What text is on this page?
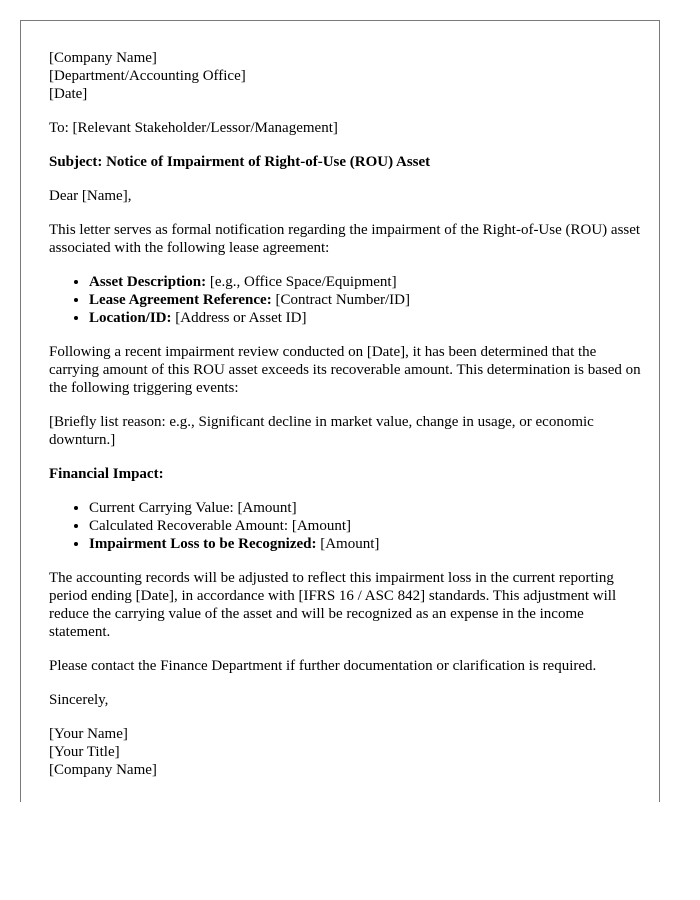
[Company Name]
[Department/Accounting Office]
[Date]

To: [Relevant Stakeholder/Lessor/Management]

Subject: Notice of Impairment of Right-of-Use (ROU) Asset

Dear [Name],

This letter serves as formal notification regarding the impairment of the Right-of-Use (ROU) asset associated with the following lease agreement:

• Asset Description: [e.g., Office Space/Equipment]
• Lease Agreement Reference: [Contract Number/ID]
• Location/ID: [Address or Asset ID]

Following a recent impairment review conducted on [Date], it has been determined that the carrying amount of this ROU asset exceeds its recoverable amount. This determination is based on the following triggering events:

[Briefly list reason: e.g., Significant decline in market value, change in usage, or economic downturn.]

Financial Impact:

• Current Carrying Value: [Amount]
• Calculated Recoverable Amount: [Amount]
• Impairment Loss to be Recognized: [Amount]

The accounting records will be adjusted to reflect this impairment loss in the current reporting period ending [Date], in accordance with [IFRS 16 / ASC 842] standards. This adjustment will reduce the carrying value of the asset and will be recognized as an expense in the income statement.

Please contact the Finance Department if further documentation or clarification is required.

Sincerely,

[Your Name]
[Your Title]
[Company Name]
